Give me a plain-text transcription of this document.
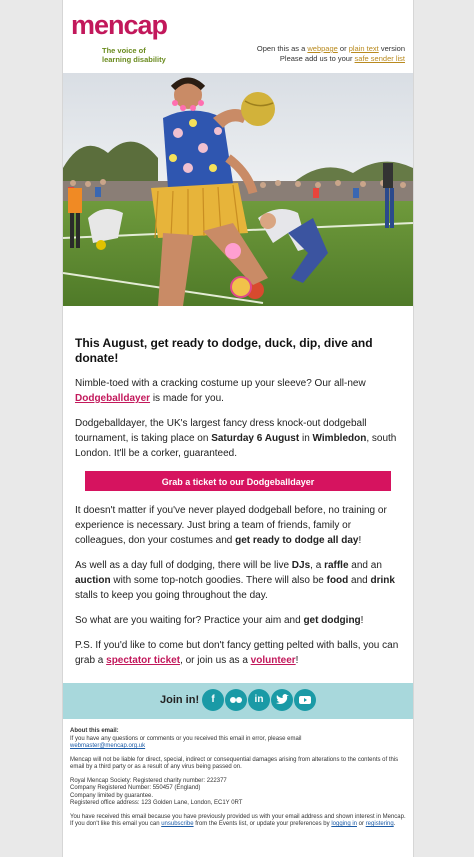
mencap
The voice of
learning disability
Open this as a webpage or plain text version
Please add us to your safe sender list
This August, get ready to dodge, duck, dip, dive and donate!

Nimble-toed with a cracking costume up your sleeve? Our all-new Dodgeballdayer is made for you.

Dodgeballdayer, the UK's largest fancy dress knock-out dodgeball tournament, is taking place on Saturday 6 August in Wimbledon, south London. It'll be a corker, guaranteed.

Grab a ticket to our Dodgeballdayer

It doesn't matter if you've never played dodgeball before, no training or experience is necessary. Just bring a team of friends, family or colleagues, don your costumes and get ready to dodge all day!

As well as a day full of dodging, there will be live DJs, a raffle and an auction with some top-notch goodies. There will also be food and drink stalls to keep you going throughout the day.

So what are you waiting for? Practice your aim and get dodging!

P.S. If you'd like to come but don't fancy getting pelted with balls, you can grab a spectator ticket, or join us as a volunteer!

Join in!	f	in

About this email:
If you have any questions or comments or you received this email in error, please email
webmaster@mencap.org.uk

Mencap will not be liable for direct, special, indirect or consequential damages arising from alterations to the contents of this email by a third party or as a result of any virus being passed on.

Royal Mencap Society: Registered charity number: 222377
Company Registered Number: 550457 (England)
Company limited by guarantee.
Registered office address: 123 Golden Lane, London, EC1Y 0RT

You have received this email because you have previously provided us with your email address and shown interest in Mencap. If you don't like this email you can unsubscribe from the Events list, or update your preferences by logging in or registering.
